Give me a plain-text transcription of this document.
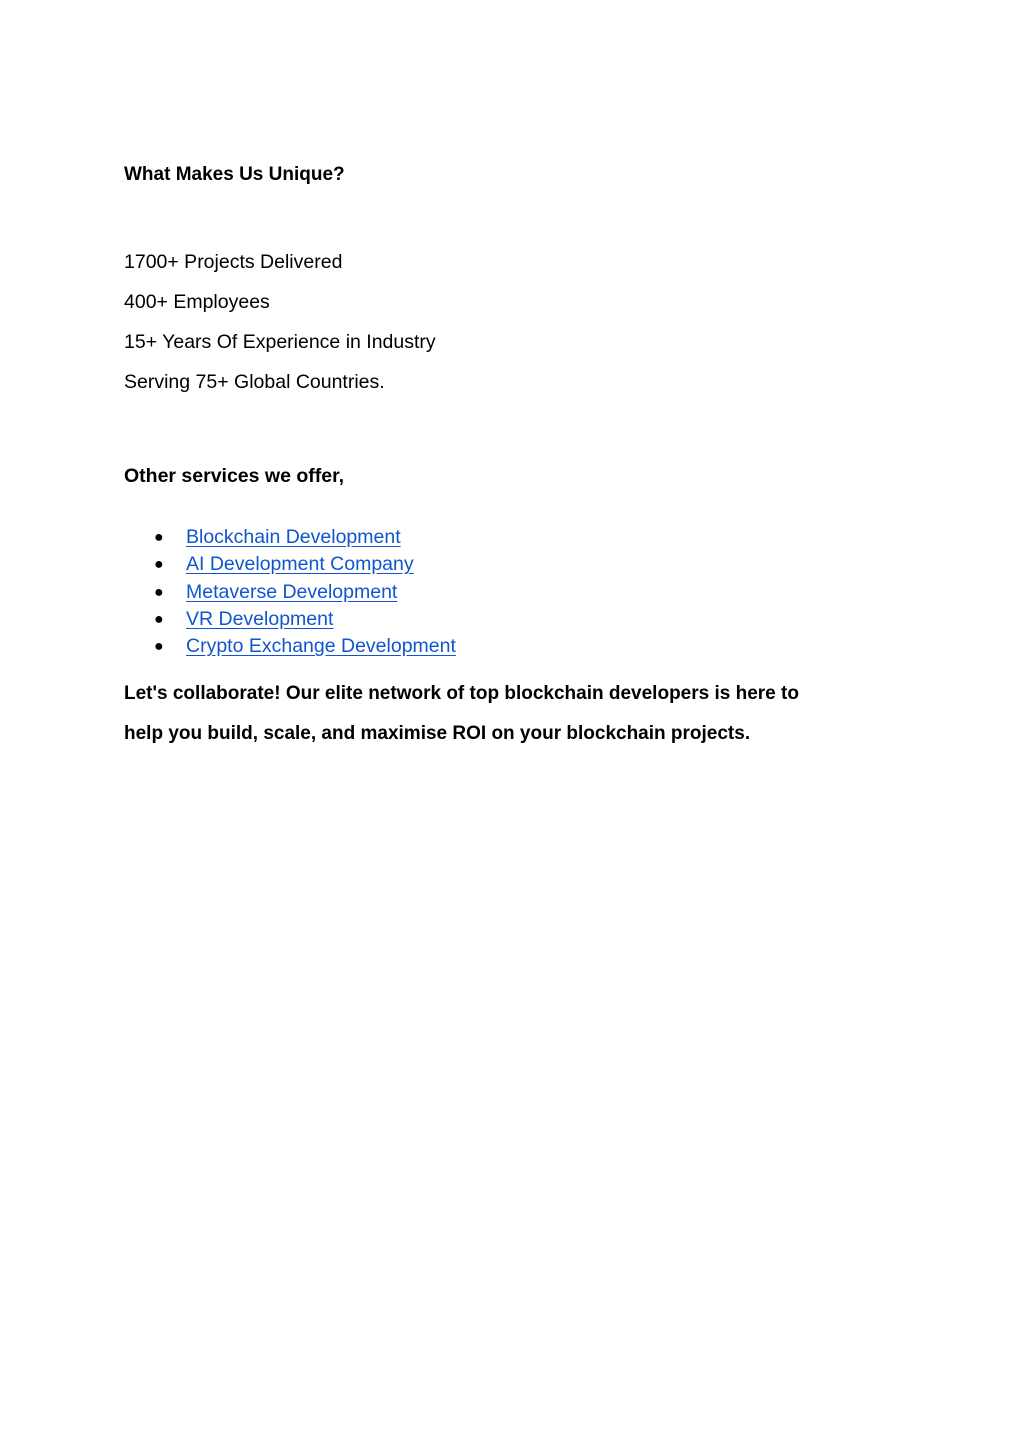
What Makes Us Unique?
1700+ Projects Delivered
400+ Employees
15+ Years Of Experience in Industry
Serving 75+ Global Countries.
Other services we offer,
● Blockchain Development
● AI Development Company
● Metaverse Development
● VR Development
● Crypto Exchange Development
Let's collaborate! Our elite network of top blockchain developers is here to
help you build, scale, and maximise ROI on your blockchain projects.
